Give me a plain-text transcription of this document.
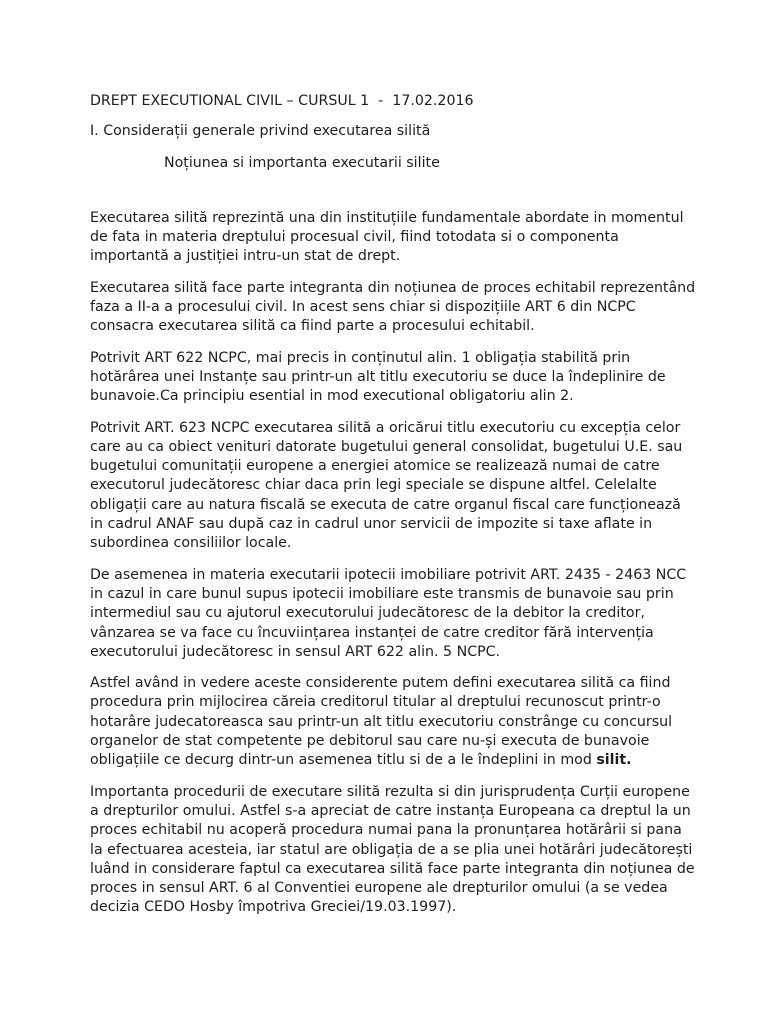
DREPT EXECUTIONAL CIVIL – CURSUL 1  -  17.02.2016
I. Considerații generale privind executarea silită
Noțiunea si importanta executarii silite

Executarea silită reprezintă una din instituțiile fundamentale abordate in momentul de fata in materia dreptului procesual civil, fiind totodata si o componenta importantă a justiției intru-un stat de drept.

Executarea silită face parte integranta din noțiunea de proces echitabil reprezentând faza a II-a a procesului civil. In acest sens chiar si dispozițiile ART 6 din NCPC consacra executarea silită ca fiind parte a procesului echitabil.

Potrivit ART 622 NCPC, mai precis in conținutul alin. 1 obligația stabilită prin hotărârea unei Instanțe sau printr-un alt titlu executoriu se duce la îndeplinire de bunavoie.Ca principiu esential in mod executional obligatoriu alin 2.

Potrivit ART. 623 NCPC executarea silită a oricărui titlu executoriu cu excepția celor care au ca obiect venituri datorate bugetului general consolidat, bugetului U.E. sau bugetului comunitații europene a energiei atomice se realizează numai de catre executorul judecătoresc chiar daca prin legi speciale se dispune altfel. Celelalte obligații care au natura fiscală se executa de catre organul fiscal care funcționează in cadrul ANAF sau după caz in cadrul unor servicii de impozite si taxe aflate in subordinea consiliilor locale.

De asemenea in materia executarii ipotecii imobiliare potrivit ART. 2435 - 2463 NCC in cazul in care bunul supus ipotecii imobiliare este transmis de bunavoie sau prin intermediul sau cu ajutorul executorului judecătoresc de la debitor la creditor, vânzarea se va face cu încuviințarea instanței de catre creditor fără intervenția executorului judecătoresc in sensul ART 622 alin. 5 NCPC.

Astfel având in vedere aceste considerente putem defini executarea silită ca fiind procedura prin mijlocirea căreia creditorul titular al dreptului recunoscut printr-o hotarâre judecatoreasca sau printr-un alt titlu executoriu constrânge cu concursul organelor de stat competente pe debitorul sau care nu-și executa de bunavoie obligațiile ce decurg dintr-un asemenea titlu si de a le îndeplini in mod silit.

Importanta procedurii de executare silită rezulta si din jurisprudența Curții europene a drepturilor omului. Astfel s-a apreciat de catre instanța Europeana ca dreptul la un proces echitabil nu acoperă procedura numai pana la pronunțarea hotărârii si pana la efectuarea acesteia, iar statul are obligația de a se plia unei hotărâri judecătorești luând in considerare faptul ca executarea silită face parte integranta din noțiunea de proces in sensul ART. 6 al Conventiei europene ale drepturilor omului (a se vedea decizia CEDO Hosby împotriva Greciei/19.03.1997).
